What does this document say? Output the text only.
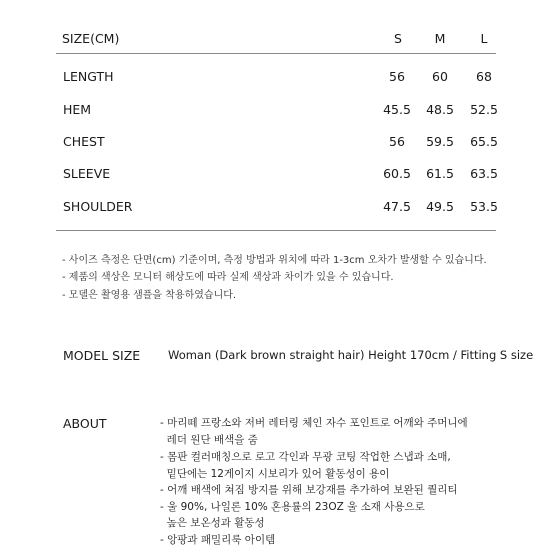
SIZE(CM)	S	M	L
LENGTH	56	60	68
HEM	45.5	48.5	52.5
CHEST	56	59.5	65.5
SLEEVE	60.5	61.5	63.5
SHOULDER	47.5	49.5	53.5
- 사이즈 측정은 단면(cm) 기준이며, 측정 방법과 위치에 따라 1-3cm 오차가 발생할 수 있습니다.
- 제품의 색상은 모니터 해상도에 따라 실제 색상과 차이가 있을 수 있습니다.
- 모델은 촬영용 샘플을 착용하였습니다.
MODEL SIZE Woman (Dark brown straight hair) Height 170cm / Fitting S size
ABOUT	- 마리떼 프랑소와 저버 레터링 체인 자수 포인트로 어깨와 주머니에
레더 원단 배색을 줌
- 몸판 컬러매칭으로 로고 각인과 무광 코팅 작업한 스냅과 소매,
밑단에는 12게이지 시보리가 있어 활동성이 용이
- 어깨 배색에 쳐짐 방지를 위해 보강재를 추가하여 보완된 퀄리티
- 울 90%, 나일론 10% 혼용률의 23OZ 울 소재 사용으로
높은 보온성과 활동성
- 앙팡과 패밀리룩 아이템
